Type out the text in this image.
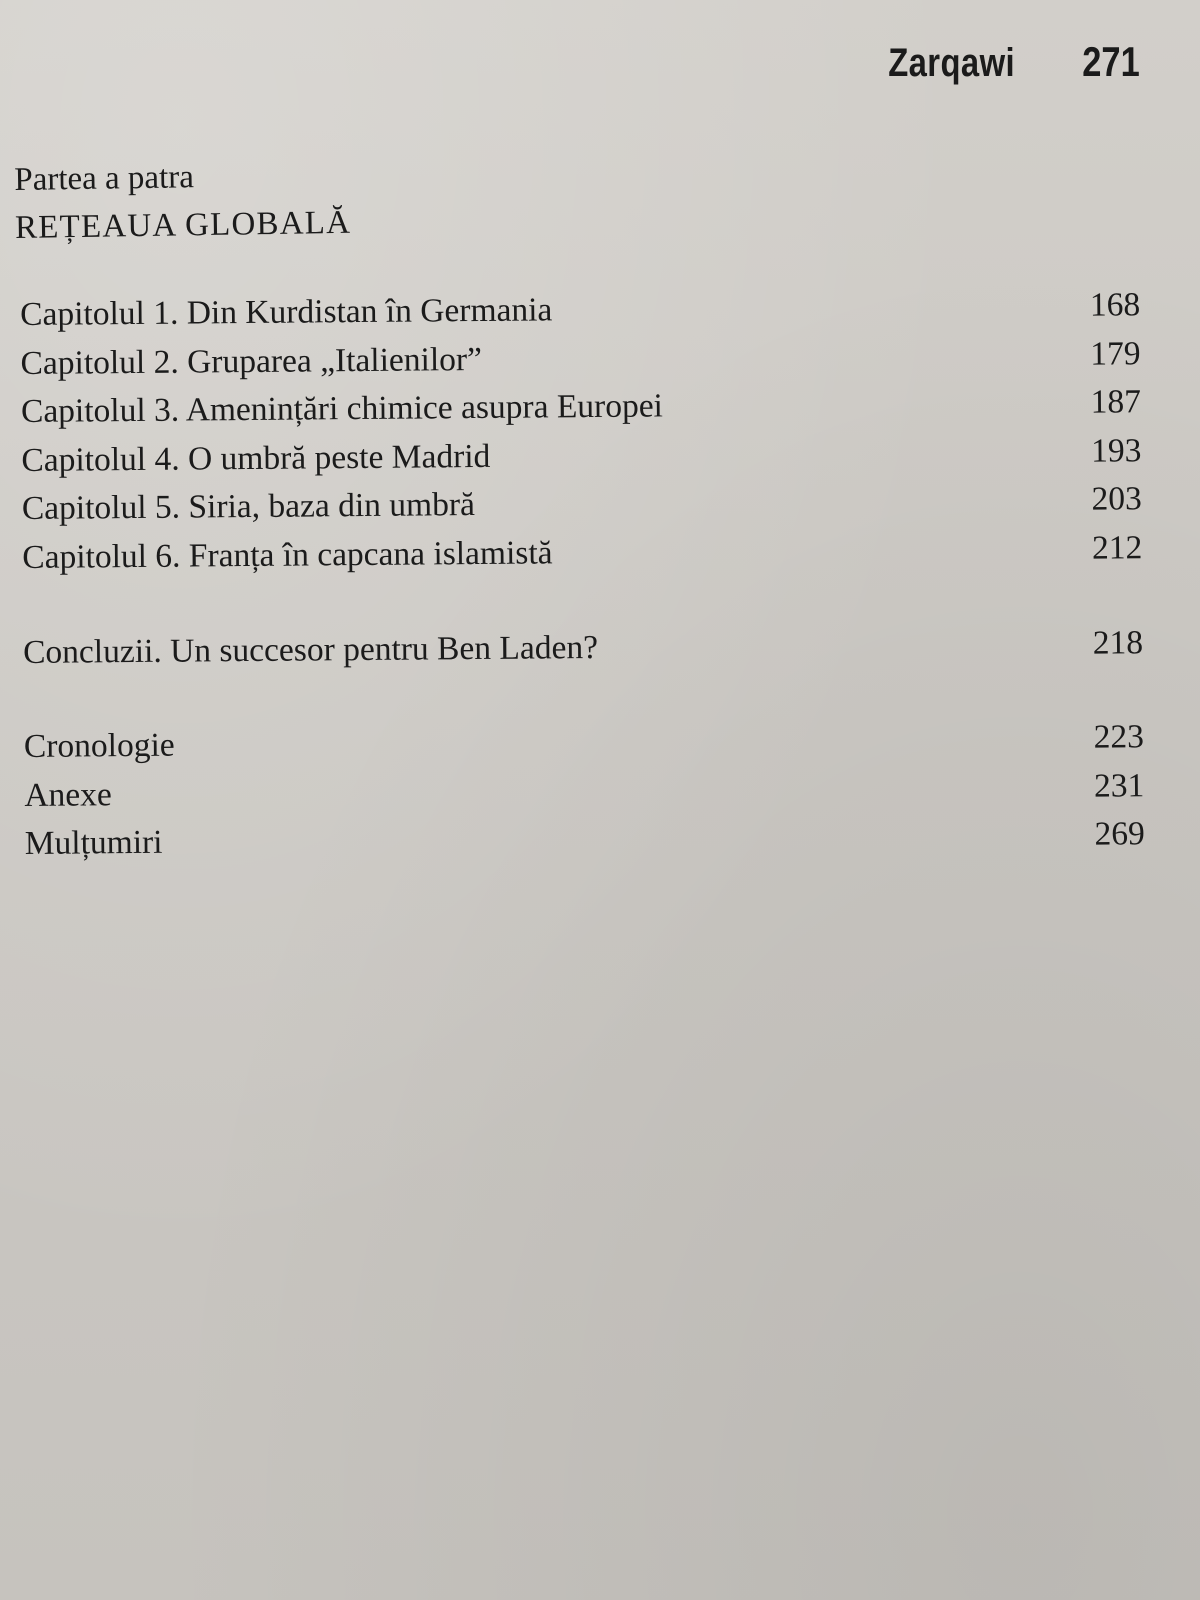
Zarqawi 271
Partea a patra
REȚEAUA GLOBALĂ
Capitolul 1. Din Kurdistan în Germania	168
Capitolul 2. Gruparea „Italienilor”	179
Capitolul 3. Amenințări chimice asupra Europei	187
Capitolul 4. O umbră peste Madrid	193
Capitolul 5. Siria, baza din umbră	203
Capitolul 6. Franța în capcana islamistă	212
Concluzii. Un succesor pentru Ben Laden?	218
Cronologie	223
Anexe	231
Mulțumiri	269
